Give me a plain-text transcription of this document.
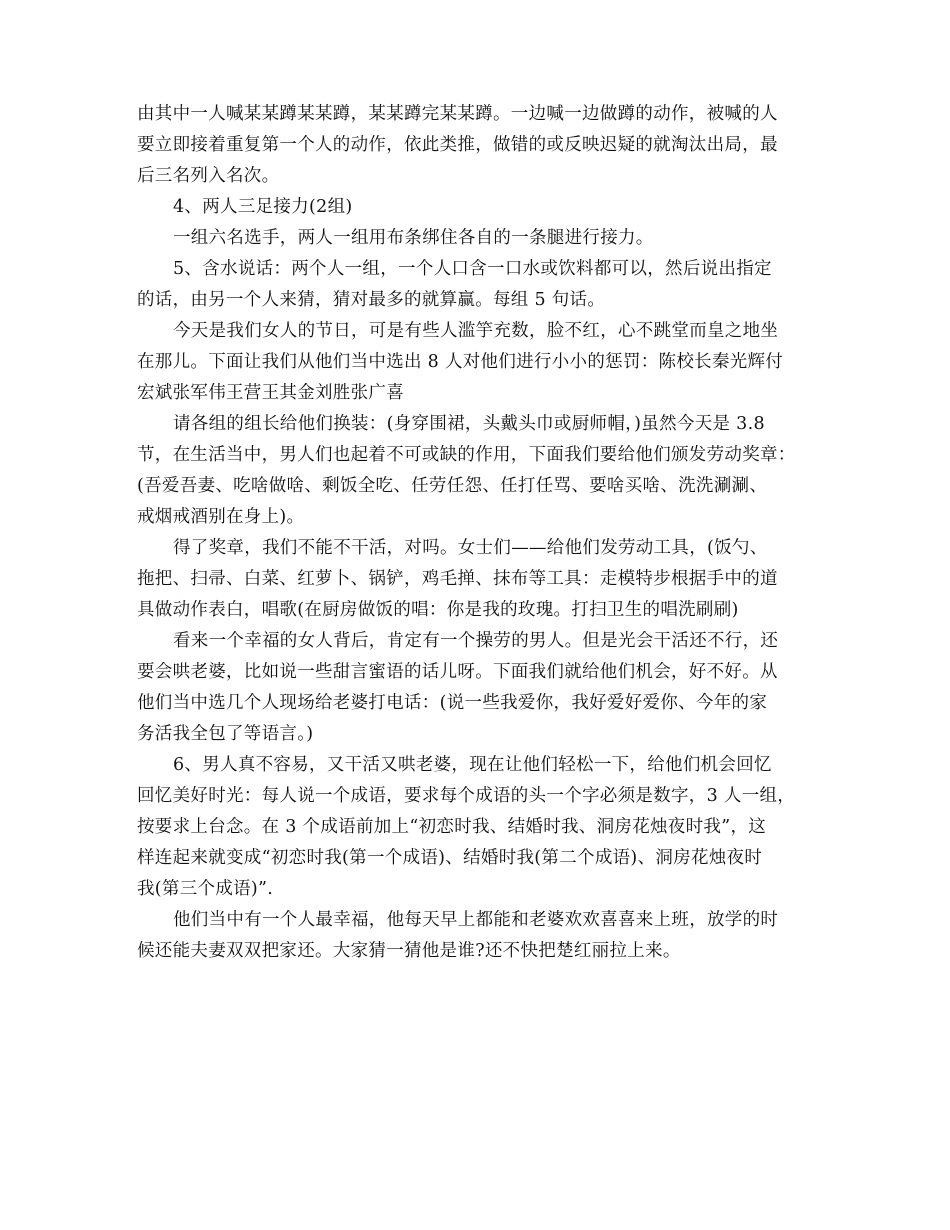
由其中一人喊某某蹲某某蹲，某某蹲完某某蹲。一边喊一边做蹲的动作，被喊的人
要立即接着重复第一个人的动作，依此类推，做错的或反映迟疑的就淘汰出局，最
后三名列入名次。

4、两人三足接力(2组)

一组六名选手，两人一组用布条绑住各自的一条腿进行接力。

5、含水说话：两个人一组，一个人口含一口水或饮料都可以，然后说出指定
的话，由另一个人来猜，猜对最多的就算赢。每组 5 句话。

今天是我们女人的节日，可是有些人滥竽充数，脸不红，心不跳堂而皇之地坐
在那儿。下面让我们从他们当中选出 8 人对他们进行小小的惩罚：陈校长秦光辉付
宏斌张军伟王营王其金刘胜张广喜

请各组的组长给他们换装：(身穿围裙，头戴头巾或厨师帽，)虽然今天是 3.8
节，在生活当中，男人们也起着不可或缺的作用，下面我们要给他们颁发劳动奖章：
(吾爱吾妻、吃啥做啥、剩饭全吃、任劳任怨、任打任骂、要啥买啥、洗洗涮涮、
戒烟戒酒别在身上)。

得了奖章，我们不能不干活，对吗。女士们——给他们发劳动工具，(饭勺、
拖把、扫帚、白菜、红萝卜、锅铲，鸡毛掸、抹布等工具：走模特步根据手中的道
具做动作表白，唱歌(在厨房做饭的唱：你是我的玫瑰。打扫卫生的唱洗刷刷)

看来一个幸福的女人背后，肯定有一个操劳的男人。但是光会干活还不行，还
要会哄老婆，比如说一些甜言蜜语的话儿呀。下面我们就给他们机会，好不好。从
他们当中选几个人现场给老婆打电话：(说一些我爱你，我好爱好爱你、今年的家
务活我全包了等语言。)

6、男人真不容易，又干活又哄老婆，现在让他们轻松一下，给他们机会回忆
回忆美好时光：每人说一个成语，要求每个成语的头一个字必须是数字，3 人一组，
按要求上台念。在 3 个成语前加上“初恋时我、结婚时我、洞房花烛夜时我”，这
样连起来就变成“初恋时我(第一个成语)、结婚时我(第二个成语)、洞房花烛夜时
我(第三个成语)”.

他们当中有一个人最幸福，他每天早上都能和老婆欢欢喜喜来上班，放学的时
候还能夫妻双双把家还。大家猜一猜他是谁?还不快把楚红丽拉上来。
